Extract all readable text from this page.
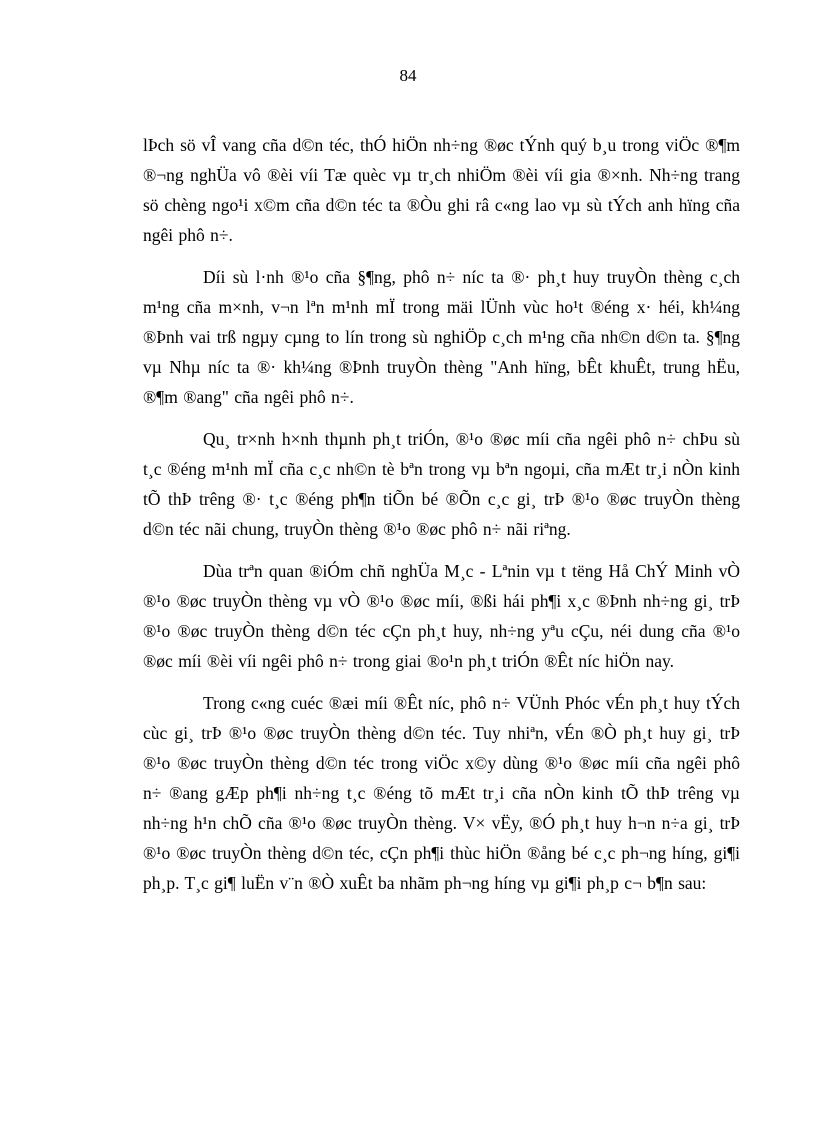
84

lÞch sö vÎ vang cña d©n téc, thÓ hiÖn nh÷ng ®øc tÝnh quý b¸u trong viÖc ®¶m ®¬ng nghÜa vô ®èi víi Tæ quèc vµ tr¸ch nhiÖm ®èi víi gia ®×nh. Nh÷ng trang sö chèng ngo¹i x©m cña d©n téc ta ®Òu ghi râ c«ng lao vµ sù tÝch anh hïng cña ngêi phô n÷.

Díi sù l·nh ®¹o cña §¶ng, phô n÷ níc ta ®· ph¸t huy truyÒn thèng c¸ch m¹ng cña m×nh, v¬n lªn m¹nh mÏ trong mäi lÜnh vùc ho¹t ®éng x· héi, kh¼ng ®Þnh vai trß ngµy cµng to lín trong sù nghiÖp c¸ch m¹ng cña nh©n d©n ta. §¶ng vµ Nhµ níc ta ®· kh¼ng ®Þnh truyÒn thèng "Anh hïng, bÊt khuÊt, trung hËu, ®¶m ®ang" cña ngêi phô n÷.

Qu¸ tr×nh h×nh thµnh ph¸t triÓn, ®¹o ®øc míi cña ngêi phô n÷ chÞu sù t¸c ®éng m¹nh mÏ cña c¸c nh©n tè bªn trong vµ bªn ngoµi, cña mÆt tr¸i nÒn kinh tÕ thÞ trêng ®· t¸c ®éng ph¶n tiÕn bé ®Õn c¸c gi¸ trÞ ®¹o ®øc truyÒn thèng d©n téc nãi chung, truyÒn thèng ®¹o ®øc phô n÷ nãi riªng.

Dùa trªn quan ®iÓm chñ nghÜa M¸c - Lªnin vµ t tëng Hå ChÝ Minh vÒ ®¹o ®øc truyÒn thèng vµ vÒ ®¹o ®øc míi, ®ßi hái ph¶i x¸c ®Þnh nh÷ng gi¸ trÞ ®¹o ®øc truyÒn thèng d©n téc cÇn ph¸t huy, nh÷ng yªu cÇu, néi dung cña ®¹o ®øc míi ®èi víi ngêi phô n÷ trong giai ®o¹n ph¸t triÓn ®Êt níc hiÖn nay.

Trong c«ng cuéc ®æi míi ®Êt níc, phô n÷ VÜnh Phóc vÉn ph¸t huy tÝch cùc gi¸ trÞ ®¹o ®øc truyÒn thèng d©n téc. Tuy nhiªn, vÉn ®Ò ph¸t huy gi¸ trÞ ®¹o ®øc truyÒn thèng d©n téc trong viÖc x©y dùng ®¹o ®øc míi cña ngêi phô n÷ ®ang gÆp ph¶i nh÷ng t¸c ®éng tõ mÆt tr¸i cña nÒn kinh tÕ thÞ trêng vµ nh÷ng h¹n chÕ cña ®¹o ®øc truyÒn thèng. V× vËy, ®Ó ph¸t huy h¬n n÷a gi¸ trÞ ®¹o ®øc truyÒn thèng d©n téc, cÇn ph¶i thùc hiÖn ®ång bé c¸c ph¬ng híng, gi¶i ph¸p. T¸c gi¶ luËn v¨n ®Ò xuÊt ba nhãm ph¬ng híng vµ gi¶i ph¸p c¬ b¶n sau:
